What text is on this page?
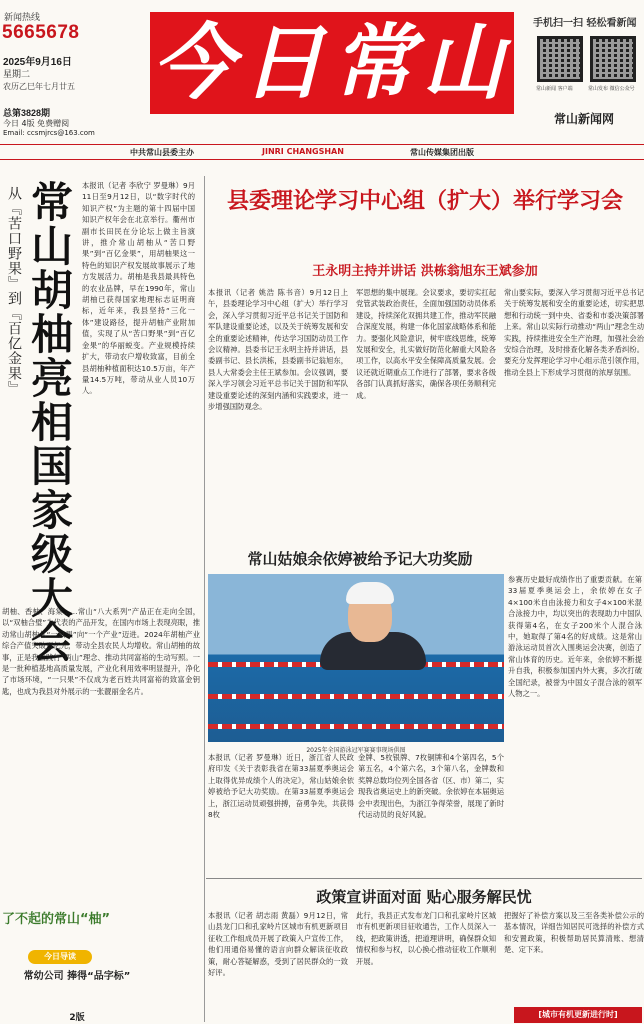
新闻热线
5665678
2025年9月16日
星期二
农历乙巳年七月廿五
总第3828期
今日 4版 免费赠阅
Email: ccsmjrcs@163.com
今日常山 手机扫一扫 轻松看新闻
常山新闻 客户端	常山发布 微信公众号
常山新闻网
中共常山县委主办	JINRI CHANGSHAN	常山传媒集团出版
从『苦口野果』到『百亿金果』 常山胡柚亮相国家级大会 本报讯（记者 李欣宁 罗曼琳）9月11日至9月12日，以“数字时代的知识产权”为主题的第十四届中国知识产权年会在北京举行。衢州市副市长田民在分论坛上做主旨演讲，推介常山胡柚从“苦口野果”到“百亿金果”，用胡柚果这一特色的知识产权发展故事展示了地方发展活力。胡柚是我县最具特色的农业品牌，早在1990年，常山胡柚已获得国家地理标志证明商标，近年来，我县坚持“三化一体”建设路径，提升胡柚产业附加值，实现了从“苦口野果”到“百亿金果”的华丽蜕变。产业规模持续扩大，带动农户增收致富，目前全县胡柚种植面积达10.5万亩，年产量14.5万吨，带动从业人员10万人。
胡柚、香柚、海棠……常山“八大系列”产品正在走向全国，以“双柚合璧”为代表的产品开发，在国内市场上表现亮眼，推动常山胡柚从“一只果”向“一个产业”迈进。2024年胡柚产业综合产值突破百亿元，带动全县农民人均增收。常山胡柚的故事，正是我县践行“两山”理念、推动共同富裕的生动写照。一是一批种植基地高质量发展，产业化利用效率明显提升，净化了市场环境，“一只果”不仅成为老百姓共同富裕的致富金钥匙，也成为我县对外展示的一张靓丽金名片。
了不起的常山“柚”
今日导读
常幼公司 捧得“品字标”
2版
县委理论学习中心组（扩大）举行学习会
王永明主持并讲话 洪栋翁旭东王斌参加
本报讯（记者 姚浩 陈书音）9月12日上午，县委理论学习中心组（扩大）举行学习会，深入学习贯彻习近平总书记关于国防和军队建设重要论述，以及关于统筹发展和安全的重要论述精神，传达学习国防动员工作会议精神。县委书记王永明主持并讲话，县委副书记、县长洪栋，县委副书记翁旭东，县人大常委会主任王斌参加。会议强调，要深入学习领会习近平总书记关于国防和军队建设重要论述的深刻内涵和实践要求，进一步增强国防观念。
军思想的集中展现。会议要求，要切实扛起党管武装政治责任，全面加强国防动员体系建设，持续深化双拥共建工作，推动军民融合深度发展，构建一体化国家战略体系和能力。要强化风险意识，树牢底线思维，统筹发展和安全，扎实做好防范化解重大风险各项工作，以高水平安全保障高质量发展。会议还就近期重点工作进行了部署，要求各级各部门认真抓好落实，确保各项任务顺利完成。
常山要实际，要深入学习贯彻习近平总书记关于统筹发展和安全的重要论述，切实把思想和行动统一到中央、省委和市委决策部署上来。常山以实际行动推动“两山”理念生动实践，持续推进安全生产治理，加强社会治安综合治理，及时排查化解各类矛盾纠纷。要充分发挥理论学习中心组示范引领作用，推动全县上下形成学习贯彻的浓厚氛围。
常山姑娘余依婷被给予记大功奖励
2025年全国游泳冠军赛赛事现场供图
本报讯（记者 罗曼琳）近日，浙江省人民政府印发《关于表彰我省在第33届夏季奥运会上取得优异成绩个人的决定》，常山姑娘余依婷被给予记大功奖励。在第33届夏季奥运会上，浙江运动员顽强拼搏，奋勇争先，共获得8枚
金牌、5枚银牌、7枚铜牌和4个第四名，5个第五名，4个第六名，3个第八名，金牌数和奖牌总数均位列全国各省（区、市）第二，实现我省奥运史上的新突破。余依婷在本届奥运会中表现出色，为浙江争得荣誉，展现了新时代运动员的良好风貌。
参赛历史最好成绩作出了重要贡献。在第33届夏季奥运会上，余依婷在女子4×100米自由泳接力和女子4×100米混合泳接力中，均以突出的表现助力中国队获得第4名，在女子200米个人混合泳中，她取得了第4名的好成绩。这是常山游泳运动员首次入围奥运会决赛，创造了常山体育的历史。近年来，余依婷不断提升自我，积极参加国内外大赛，多次打破全国纪录，被誉为中国女子混合泳的领军人物之一。
政策宣讲面对面 贴心服务解民忧
本报讯（记者 胡志雨 黄磊）9月12日，常山县龙门口和孔家岭片区城市有机更新项目征收工作组成员开展了政策入户宣传工作，他们用通俗易懂的语言向群众解读征收政策，耐心答疑解惑，受到了居民群众的一致好评。
此行，我县正式发布龙门口和孔家岭片区城市有机更新项目征收通告，工作人员深入一线，把政策讲透，把道理讲明，确保群众知情权和参与权，以心换心推动征收工作顺利开展。
把握好了补偿方案以及三至各类补偿公示的基本情况，详细告知居民可选择的补偿方式和安置政策，积极帮助居民算清账、想清楚、定下来。
[城市有机更新进行时]
